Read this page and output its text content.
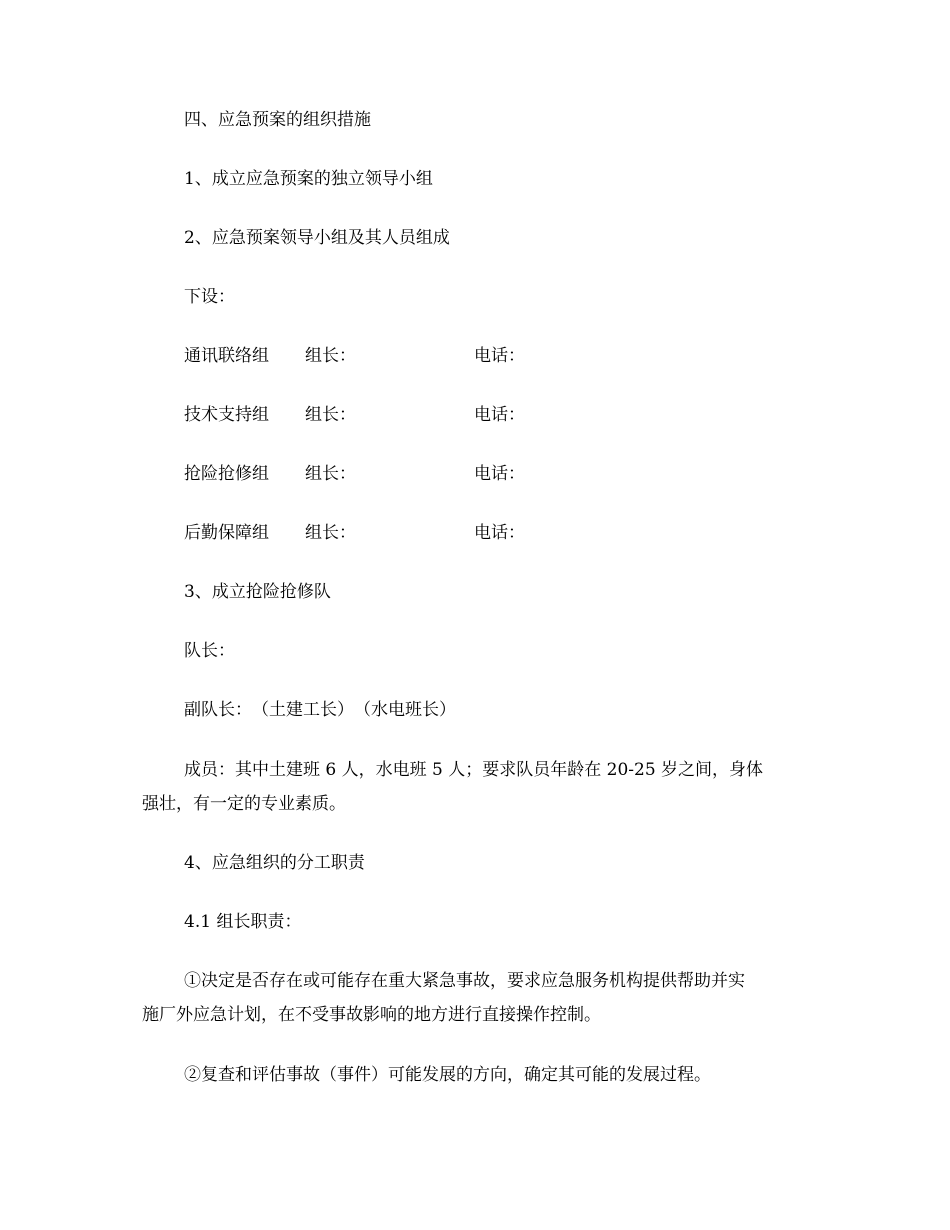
四、应急预案的组织措施
1、成立应急预案的独立领导小组
2、应急预案领导小组及其人员组成
下设：
通讯联络组 组长：	电话：
技术支持组 组长：	电话：
抢险抢修组 组长：	电话：
后勤保障组 组长：	电话：
3、成立抢险抢修队
队长：
副队长：　（土建工长）　（水电班长）
成员：其中土建班 6 人，水电班 5 人；要求队员年龄在 20-25 岁之间，身体
强壮，有一定的专业素质。
4、应急组织的分工职责
4.1 组长职责：
①决定是否存在或可能存在重大紧急事故，要求应急服务机构提供帮助并实
施厂外应急计划，在不受事故影响的地方进行直接操作控制。
②复查和评估事故（事件）可能发展的方向，确定其可能的发展过程。
